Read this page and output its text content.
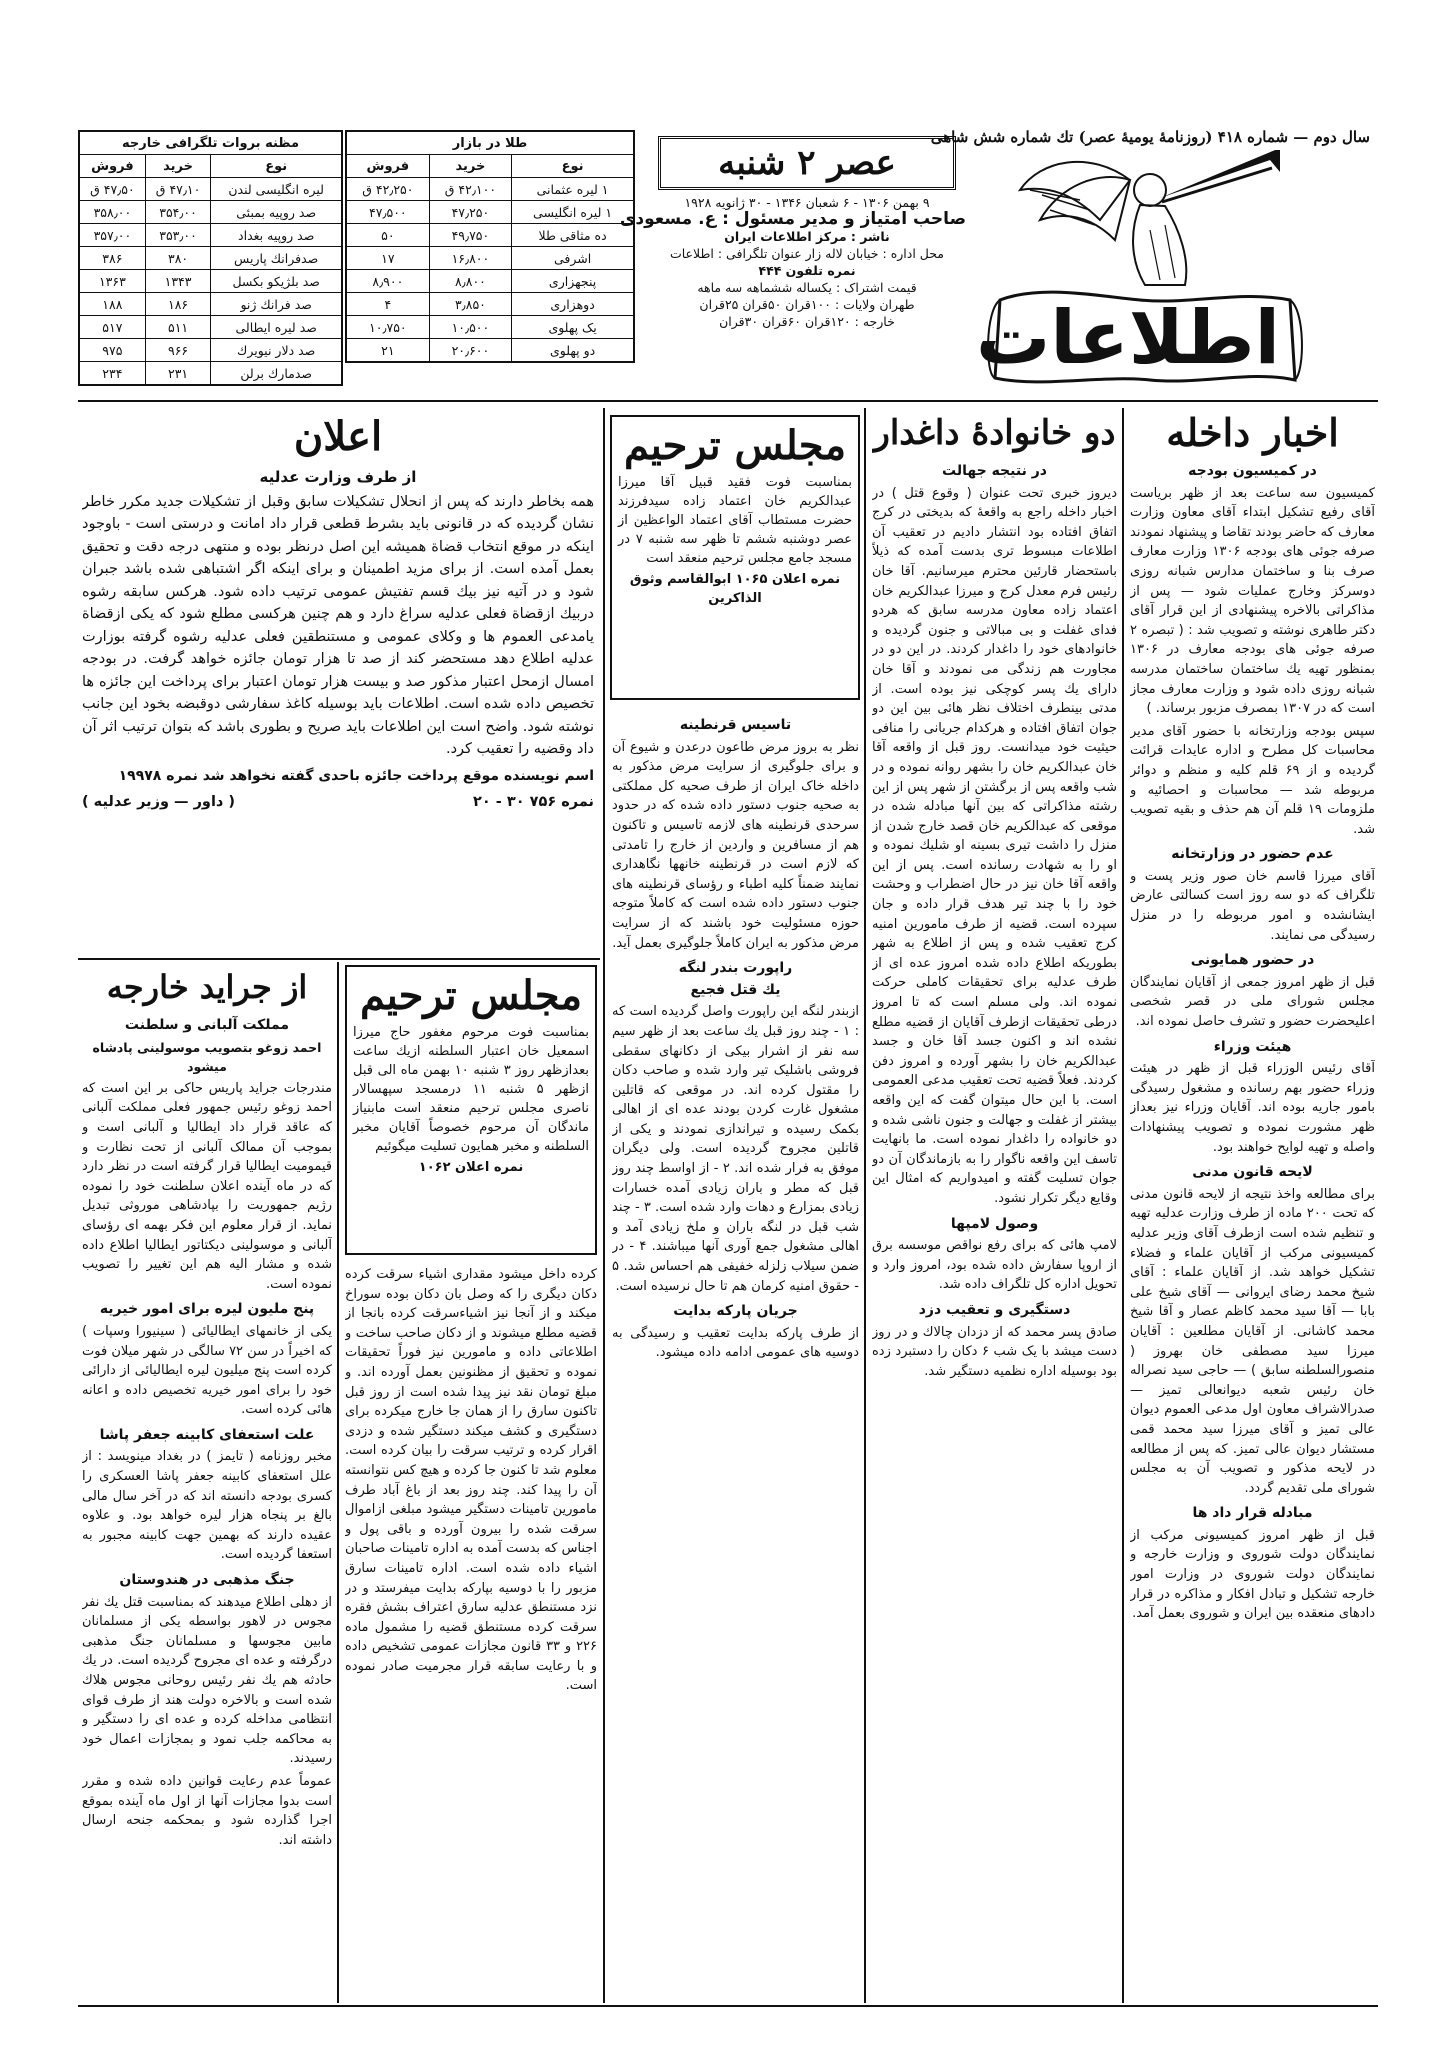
سال دوم — شماره ۴۱۸ (روزنامهٔ یومیهٔ عصر) تك شماره شش شاهی
اطلاعات
عصر ۲ شنبه

۹ بهمن ۱۳۰۶ - ۶ شعبان ۱۳۴۶ - ۳۰ ژانویه ۱۹۲۸

صاحب امتیاز و مدیر مسئول : ع. مسعودی

ناشر : مرکز اطلاعات ایران

محل اداره : خیابان لاله زار عنوان تلگرافی : اطلاعات

نمره تلفون ۴۴۴

قیمت اشتراک : یکساله ششماهه سه ماهه

طهران ولایات : ۱۰۰قران ۵۰قران ۲۵قران

خارجه : ۱۲۰قران ۶۰قران ۳۰قران

طلا در بازار		
نوع	خرید	فروش
۱ لیره عثمانی	۴۲٫۱۰۰ ق	۴۲٫۲۵۰ ق
۱ لیره انگلیسی	۴۷٫۲۵۰	۴۷٫۵۰۰
ده مثاقی طلا	۴۹٫۷۵۰	۵۰
اشرفی	۱۶٫۸۰۰	۱۷
پنجهزاری	۸٫۸۰۰	۸٫۹۰۰
دوهزاری	۳٫۸۵۰	۴
یک پهلوی	۱۰٫۵۰۰	۱۰٫۷۵۰
دو پهلوی	۲۰٫۶۰۰	۲۱
مظنه بروات تلگرافی خارجه		
نوع	خرید	فروش
لیره انگلیسی لندن	۴۷٫۱۰ ق	۴۷٫۵۰ ق
صد روپیه بمبئی	۳۵۴٫۰۰	۳۵۸٫۰۰
صد روپیه بغداد	۳۵۳٫۰۰	۳۵۷٫۰۰
صدفرانك پاریس	۳۸۰	۳۸۶
صد بلژیکو بکسل	۱۳۴۳	۱۳۶۳
صد فرانك ژنو	۱۸۶	۱۸۸
صد لیره ایطالی	۵۱۱	۵۱۷
صد دلار نیویرك	۹۶۶	۹۷۵
صدمارك برلن	۲۳۱	۲۳۴
اخبار داخله
در کمیسیون بودجه

کمیسیون سه ساعت بعد از ظهر بریاست آقای رفیع تشکیل ابتداء آقای معاون وزارت معارف که حاضر بودند تقاضا و پیشنهاد نمودند صرفه جوئی های بودجه ۱۳۰۶ وزارت معارف صرف بنا و ساختمان مدارس شبانه روزی دوسرکز وخارج عملیات شود — پس از مذاکراتی بالاخره پیشنهادی از این قرار آقای دکتر طاهری نوشته و تصویب شد : ( تبصره ۲ صرفه جوئی های بودجه معارف در ۱۳۰۶ بمنظور تهیه یك ساختمان ساختمان مدرسه شبانه روزی داده شود و وزارت معارف مجاز است که در ۱۳۰۷ بمصرف مزبور برساند. )

سپس بودجه وزارتخانه با حضور آقای مدیر محاسبات کل مطرح و اداره عایدات قرائت گردیده و از ۶۹ قلم کلیه و منظم و دوائر مربوطه شد — محاسبات و احصائیه و ملزومات ۱۹ قلم آن هم حذف و بقیه تصویب شد.

عدم حضور در وزارتخانه

آقای میرزا قاسم خان صور وزیر پست و تلگراف که دو سه روز است کسالتی عارض ایشانشده و امور مربوطه را در منزل رسیدگی می نمایند.

در حضور همایونی

قبل از ظهر امروز جمعی از آقایان نمایندگان مجلس شورای ملی در قصر شخصی اعلیحضرت حضور و تشرف حاصل نموده اند.

هیئت وزراء

آقای رئیس الوزراء قبل از ظهر در هیئت وزراء حضور بهم رسانده و مشغول رسیدگی بامور جاریه بوده اند. آقایان وزراء نیز بعداز ظهر مشورت نموده و تصویب پیشنهادات واصله و تهیه لوایح خواهند بود.

لایحه قانون مدنی

برای مطالعه واخذ نتیجه از لایحه قانون مدنی که تحت ۲۰۰ ماده از طرف وزارت عدلیه تهیه و تنظیم شده است ازطرف آقای وزیر عدلیه کمیسیونی مرکب از آقایان علماء و فضلاء تشکیل خواهد شد. از آقایان علماء : آقای شیخ محمد رضای ایروانی — آقای شیخ علی بابا — آقا سید محمد کاظم عصار و آقا شیخ محمد کاشانی. از آقایان مطلعین : آقایان میرزا سید مصطفی خان بهروز ( منصورالسلطنه سابق ) — حاجی سید نصراله خان رئیس شعبه دیوانعالی تمیز — صدرالاشراف معاون اول مدعی العموم دیوان عالی تمیز و آقای میرزا سید محمد قمی مستشار دیوان عالی تمیز. که پس از مطالعه در لایحه مذکور و تصویب آن به مجلس شورای ملی تقدیم گردد.

مبادله قرار داد ها

قبل از ظهر امروز کمیسیونی مرکب از نمایندگان دولت شوروی و وزارت خارجه و نمایندگان دولت شوروی در وزارت امور خارجه تشکیل و تبادل افکار و مذاکره در قرار دادهای منعقده بین ایران و شوروی بعمل آمد.

دو خانوادهٔ داغدار
در نتیجه جهالت

دیروز خبری تحت عنوان ( وقوع قتل ) در اخبار داخله راجع به واقعهٔ که بدیختی در کرج اتفاق افتاده بود انتشار دادیم در تعقیب آن اطلاعات مبسوط تری بدست آمده که ذیلاً باستحضار قارئین محترم میرسانیم. آقا خان رئیس فرم معدل کرج و میرزا عبدالکریم خان اعتماد زاده معاون مدرسه سابق که هردو فدای غفلت و بی مبالاتی و جنون گردیده و خانوادهای خود را داغدار کردند. در این دو در مجاورت هم زندگی می نمودند و آقا خان دارای یك پسر کوچکی نیز بوده است. از مدتی بینطرف اختلاف نظر هائی بین این دو جوان اتفاق افتاده و هرکدام جریانی را منافی حیثیت خود میدانست. روز قبل از واقعه آقا خان عبدالکریم خان را بشهر روانه نموده و در شب واقعه پس از برگشتن از شهر پس از این رشته مذاکراتی که بین آنها مبادله شده در موقعی که عبدالکریم خان قصد خارج شدن از منزل را داشت تیری بسینه او شلیك نموده و او را به شهادت رسانده است. پس از این واقعه آقا خان نیز در حال اضطراب و وحشت خود را با چند تیر هدف قرار داده و جان سپرده است. قضیه از طرف مامورین امنیه کرج تعقیب شده و پس از اطلاع به شهر بطوریکه اطلاع داده شده امروز عده ای از طرف عدلیه برای تحقیقات کاملی حرکت نموده اند. ولی مسلم است که تا امروز درطی تحقیقات ازطرف آقایان از قضیه مطلع نشده اند و اکنون جسد آقا خان و جسد عبدالکریم خان را بشهر آورده و امروز دفن کردند. فعلاً قضیه تحت تعقیب مدعی العمومی است. با این حال میتوان گفت که این واقعه بیشتر از غفلت و جهالت و جنون ناشی شده و دو خانواده را داغدار نموده است. ما بانهایت تاسف این واقعه ناگوار را به بازماندگان آن دو جوان تسلیت گفته و امیدواریم که امثال این وقایع دیگر تکرار نشود.

وصول لامپها

لامپ هائی که برای رفع نواقص موسسه برق از اروپا سفارش داده شده بود، امروز وارد و تحویل اداره کل تلگراف داده شد.

دستگیری و تعقیب دزد

صادق پسر محمد که از دزدان چالاك و در روز دست میشد با یک شب ۶ دکان را دستبرد زده بود بوسیله اداره نظمیه دستگیر شد.

مجلس ترحیم

بمناسبت فوت فقید قبیل آقا میرزا عبدالکریم خان اعتماد زاده سیدفرزند حضرت مستطاب آقای اعتماد الواعظین از عصر دوشنبه ششم تا ظهر سه شنبه ۷ در مسجد جامع مجلس ترحیم منعقد است

نمره اعلان ۱۰۶۵ ابوالقاسم وثوق الذاکرین

تاسیس قرنطینه

نظر به بروز مرض طاعون درعدن و شیوع آن و برای جلوگیری از سرایت مرض مذکور به داخله خاک ایران از طرف صحیه کل مملکتی به صحیه جنوب دستور داده شده که در حدود سرحدی قرنطینه های لازمه تاسیس و تاکنون هم از مسافرین و واردین از خارج را تامدتی که لازم است در قرنطینه خانهها نگاهداری نمایند ضمناً کلیه اطباء و رؤسای قرنطینه های جنوب دستور داده شده است که کاملاً متوجه حوزه مسئولیت خود باشند که از سرایت مرض مذکور به ایران کاملاً جلوگیری بعمل آید.

راپورت بندر لنگه
یك قتل فجیع

ازبندر لنگه این راپورت واصل گردیده است که : ۱ - چند روز قبل یك ساعت بعد از ظهر سیم سه نفر از اشرار بیکی از دکانهای سقطی فروشی باشلیک تیر وارد شده و صاحب دکان را مقتول کرده اند. در موقعی که قاتلین مشغول غارت کردن بودند عده ای از اهالی بکمک رسیده و تیراندازی نمودند و یکی از قاتلین مجروح گردیده است. ولی دیگران موفق به فرار شده اند. ۲ - از اواسط چند روز قبل که مطر و باران زیادی آمده خسارات زیادی بمزارع و دهات وارد شده است. ۳ - چند شب قبل در لنگه باران و ملخ زیادی آمد و اهالی مشغول جمع آوری آنها میباشند. ۴ - در ضمن سیلاب زلزله خفیفی هم احساس شد. ۵ - حقوق امنیه کرمان هم تا حال نرسیده است.

جریان پارکه بدایت

از طرف پارکه بدایت تعقیب و رسیدگی به دوسیه های عمومی ادامه داده میشود.

اعلان
از طرف وزارت عدلیه

همه بخاطر دارند که پس از انحلال تشکیلات سابق وقبل از تشکیلات جدید مکرر خاطر نشان گردیده که در قانونی باید بشرط قطعی قرار داد امانت و درستی است - باوجود اینکه در موقع انتخاب قضاة همیشه این اصل درنظر بوده و منتهی درجه دقت و تحقیق بعمل آمده است. از برای مزید اطمینان و برای اینکه اگر اشتباهی شده باشد جبران شود و در آتیه نیز بیك قسم تفتیش عمومی ترتیب داده شود. هرکس سابقه رشوه دربیك ازقضاة فعلی عدلیه سراغ دارد و هم چنین هرکسی مطلع شود که یکی ازقضاة یامدعی العموم ها و وکلای عمومی و مستنطقین فعلی عدلیه رشوه گرفته بوزارت عدلیه اطلاع دهد مستحضر کند از صد تا هزار تومان جائزه خواهد گرفت. در بودجه امسال ازمحل اعتبار مذکور صد و بیست هزار تومان اعتبار برای پرداخت این جائزه ها تخصیص داده شده است. اطلاعات باید بوسیله کاغذ سفارشی دوقبضه بخود این جانب نوشته شود. واضح است این اطلاعات باید صریح و بطوری باشد که بتوان ترتیب اثر آن داد وقضیه را تعقیب کرد.

اسم نویسنده موقع پرداخت جائزه باحدی گفته نخواهد شد نمره ۱۹۹۷۸

نمره ۷۵۶ ۳۰ - ۲۰
( داور — وزیر عدلیه )
مجلس ترحیم

بمناسبت فوت مرحوم مغفور حاج میرزا اسمعیل خان اعتبار السلطنه ازیك ساعت بعدازظهر روز ۳ شنبه ۱۰ بهمن ماه الی قبل ازظهر ۵ شنبه ۱۱ درمسجد سپهسالار ناصری مجلس ترحیم منعقد است مابنیاز ماندگان آن مرحوم خصوصاً آقایان مخبر السلطنه و مخبر همایون تسلیت میگوئیم

نمره اعلان ۱۰۶۲

کرده داخل میشود مقداری اشیاء سرقت کرده دکان دیگری را که وصل بان دکان بوده سوراخ میکند و از آنجا نیز اشیاءسرقت کرده بانجا از قضیه مطلع میشوند و از دکان صاحب ساخت و اطلاعاتی داده و مامورین نیز فوراً تحقیقات نموده و تحقیق از مظنونین بعمل آورده اند. و مبلغ تومان نقد نیز پیدا شده است از روز قبل تاکنون سارق را از همان جا خارج میکرده برای دستگیری و کشف میکند دستگیر شده و دزدی اقرار کرده و ترتیب سرقت را بیان کرده است. معلوم شد تا کنون جا کرده و هیچ کس نتوانسته آن را پیدا کند. چند روز بعد از باغ آباد طرف مامورین تامینات دستگیر میشود مبلغی ازاموال سرقت شده را بیرون آورده و باقی پول و اجناس که بدست آمده به اداره تامینات صاحبان اشیاء داده شده است. اداره تامینات سارق مزبور را با دوسیه بپارکه بدایت میفرستد و در نزد مستنطق عدلیه سارق اعتراف بشش فقره سرقت کرده مستنطق قضیه را مشمول ماده ۲۲۶ و ۳۳ قانون مجازات عمومی تشخیص داده و با رعایت سابقه قرار مجرمیت صادر نموده است.

از جراید خارجه
مملکت آلبانی و سلطنت
احمد زوغو بتصویب موسولینی پادشاه میشود

مندرجات جراید پاریس حاکی بر این است که احمد زوغو رئیس جمهور فعلی مملکت آلبانی که عاقد قرار داد ایطالیا و آلبانی است و بموجب آن ممالک آلبانی از تحت نظارت و قیمومیت ایطالیا قرار گرفته است در نظر دارد که در ماه آینده اعلان سلطنت خود را نموده رژیم جمهوریت را بپادشاهی موروثی تبدیل نماید. از قرار معلوم این فکر بهمه ای رؤسای آلبانی و موسولینی دیکتاتور ایطالیا اطلاع داده شده و مشار الیه هم این تغییر را تصویب نموده است.

پنج ملیون لیره برای امور خیریه

یکی از خانمهای ایطالیائی ( سینیورا وسپات ) که اخیراً در سن ۷۲ سالگی در شهر میلان فوت کرده است پنج میلیون لیره ایطالیائی از دارائی خود را برای امور خیریه تخصیص داده و اعانه هائی کرده است.

علت استعفای کابینه جعفر پاشا

مخبر روزنامه ( تایمز ) در بغداد مینویسد : از علل استعفای کابینه جعفر پاشا العسکری را کسری بودجه دانسته اند که در آخر سال مالی بالغ بر پنجاه هزار لیره خواهد بود. و علاوه عقیده دارند که بهمین جهت کابینه مجبور به استعفا گردیده است.

جنگ مذهبی در هندوستان

از دهلی اطلاع میدهند که بمناسبت قتل یك نفر مجوس در لاهور بواسطه یکی از مسلمانان مابین مجوسها و مسلمانان جنگ مذهبی درگرفته و عده ای مجروح گردیده است. در یك حادثه هم یك نفر رئیس روحانی مجوس هلاك شده است و بالاخره دولت هند از طرف قوای انتظامی مداخله کرده و عده ای را دستگیر و به محاکمه جلب نمود و بمجازات اعمال خود رسیدند.

عموماً عدم رعایت قوانین داده شده و مقرر است بدوا مجازات آنها از اول ماه آینده بموقع اجرا گذارده شود و بمحکمه جنحه ارسال داشته اند.
